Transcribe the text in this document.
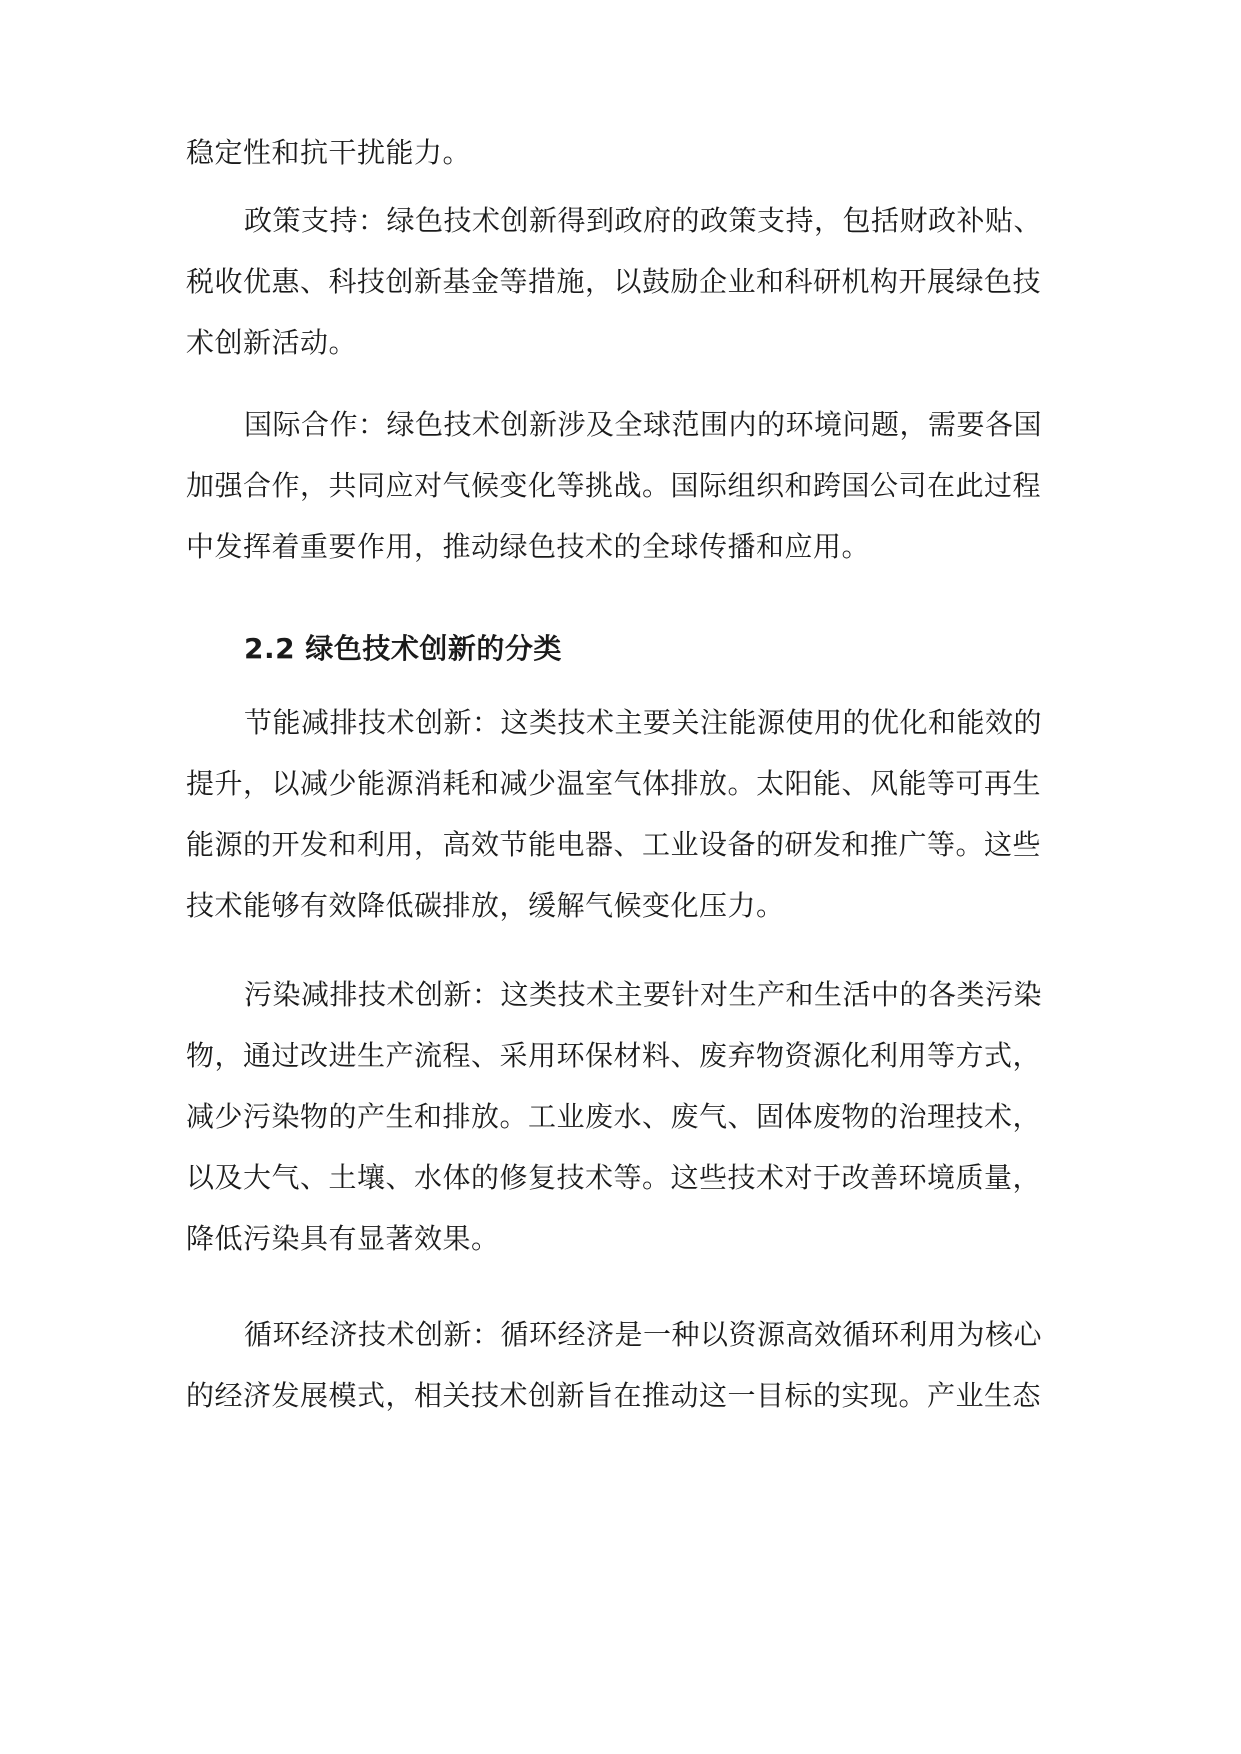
稳定性和抗干扰能力。
政策支持：绿色技术创新得到政府的政策支持，包括财政补贴、
税收优惠、科技创新基金等措施，以鼓励企业和科研机构开展绿色技
术创新活动。
国际合作：绿色技术创新涉及全球范围内的环境问题，需要各国
加强合作，共同应对气候变化等挑战。国际组织和跨国公司在此过程
中发挥着重要作用，推动绿色技术的全球传播和应用。
2.2 绿色技术创新的分类
节能减排技术创新：这类技术主要关注能源使用的优化和能效的
提升，以减少能源消耗和减少温室气体排放。太阳能、风能等可再生
能源的开发和利用，高效节能电器、工业设备的研发和推广等。这些
技术能够有效降低碳排放，缓解气候变化压力。
污染减排技术创新：这类技术主要针对生产和生活中的各类污染
物，通过改进生产流程、采用环保材料、废弃物资源化利用等方式，
减少污染物的产生和排放。工业废水、废气、固体废物的治理技术，
以及大气、土壤、水体的修复技术等。这些技术对于改善环境质量，
降低污染具有显著效果。
循环经济技术创新：循环经济是一种以资源高效循环利用为核心
的经济发展模式，相关技术创新旨在推动这一目标的实现。产业生态
